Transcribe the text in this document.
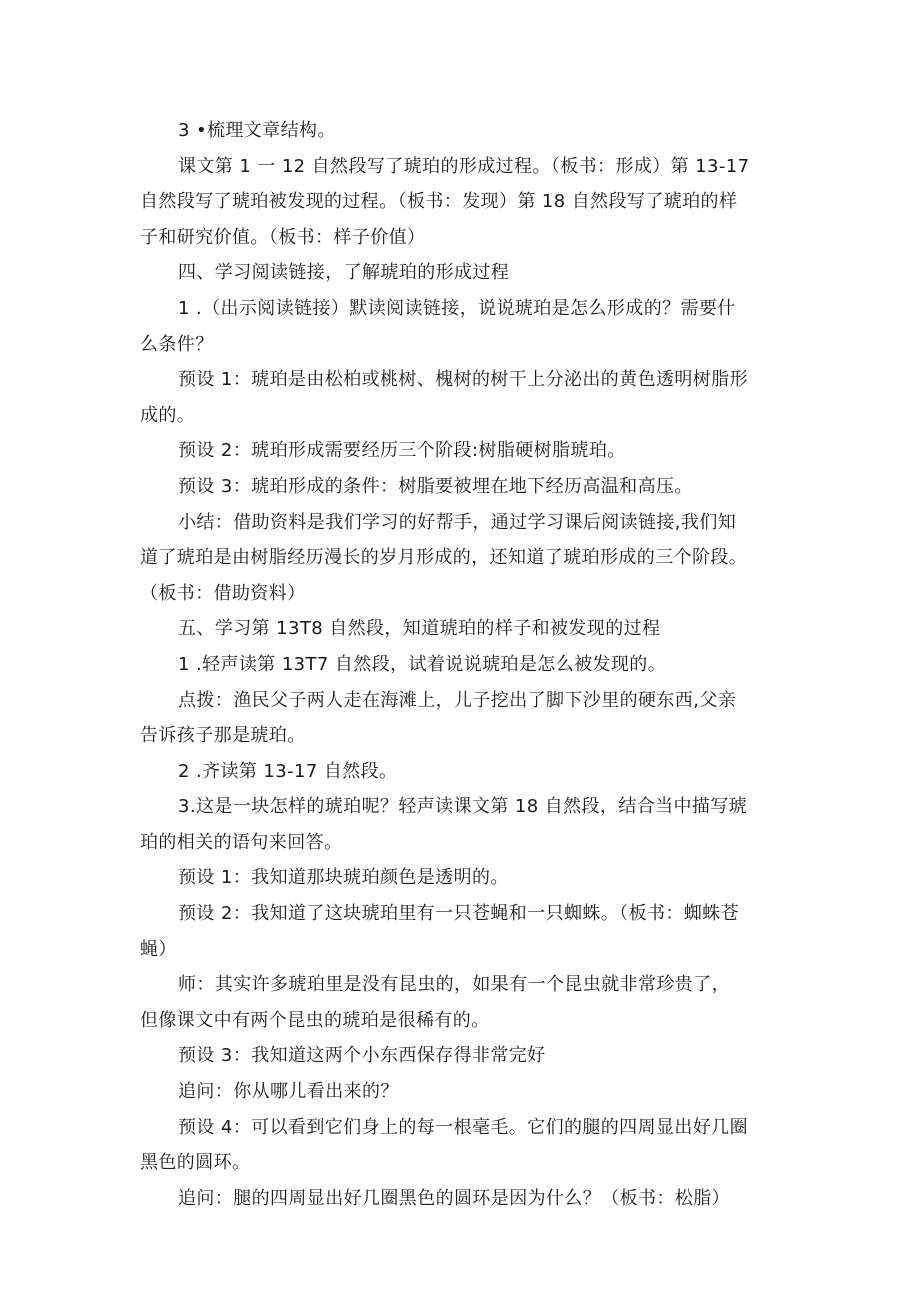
3 •梳理文章结构。
课文第 1 一 12 自然段写了琥珀的形成过程。（板书：形成）第 13-17
自然段写了琥珀被发现的过程。（板书：发现）第 18 自然段写了琥珀的样
子和研究价值。（板书：样子价值）
四、学习阅读链接，了解琥珀的形成过程
1 .（出示阅读链接）默读阅读链接，说说琥珀是怎么形成的？需要什
么条件？
预设 1：琥珀是由松柏或桃树、槐树的树干上分泌出的黄色透明树脂形
成的。
预设 2：琥珀形成需要经历三个阶段:树脂硬树脂琥珀。
预设 3：琥珀形成的条件：树脂要被埋在地下经历高温和高压。
小结：借助资料是我们学习的好帮手，通过学习课后阅读链接,我们知
道了琥珀是由树脂经历漫长的岁月形成的，还知道了琥珀形成的三个阶段。
（板书：借助资料）
五、学习第 13T8 自然段，知道琥珀的样子和被发现的过程
1 .轻声读第 13T7 自然段，试着说说琥珀是怎么被发现的。
点拨：渔民父子两人走在海滩上，儿子挖出了脚下沙里的硬东西,父亲
告诉孩子那是琥珀。
2 .齐读第 13-17 自然段。
3.这是一块怎样的琥珀呢？轻声读课文第 18 自然段，结合当中描写琥
珀的相关的语句来回答。
预设 1：我知道那块琥珀颜色是透明的。
预设 2：我知道了这块琥珀里有一只苍蝇和一只蜘蛛。（板书：蜘蛛苍
蝇）
师：其实许多琥珀里是没有昆虫的，如果有一个昆虫就非常珍贵了，
但像课文中有两个昆虫的琥珀是很稀有的。
预设 3：我知道这两个小东西保存得非常完好
追问：你从哪儿看出来的？
预设 4：可以看到它们身上的每一根毫毛。它们的腿的四周显出好几圈
黑色的圆环。
追问：腿的四周显出好几圈黑色的圆环是因为什么？（板书：松脂）
